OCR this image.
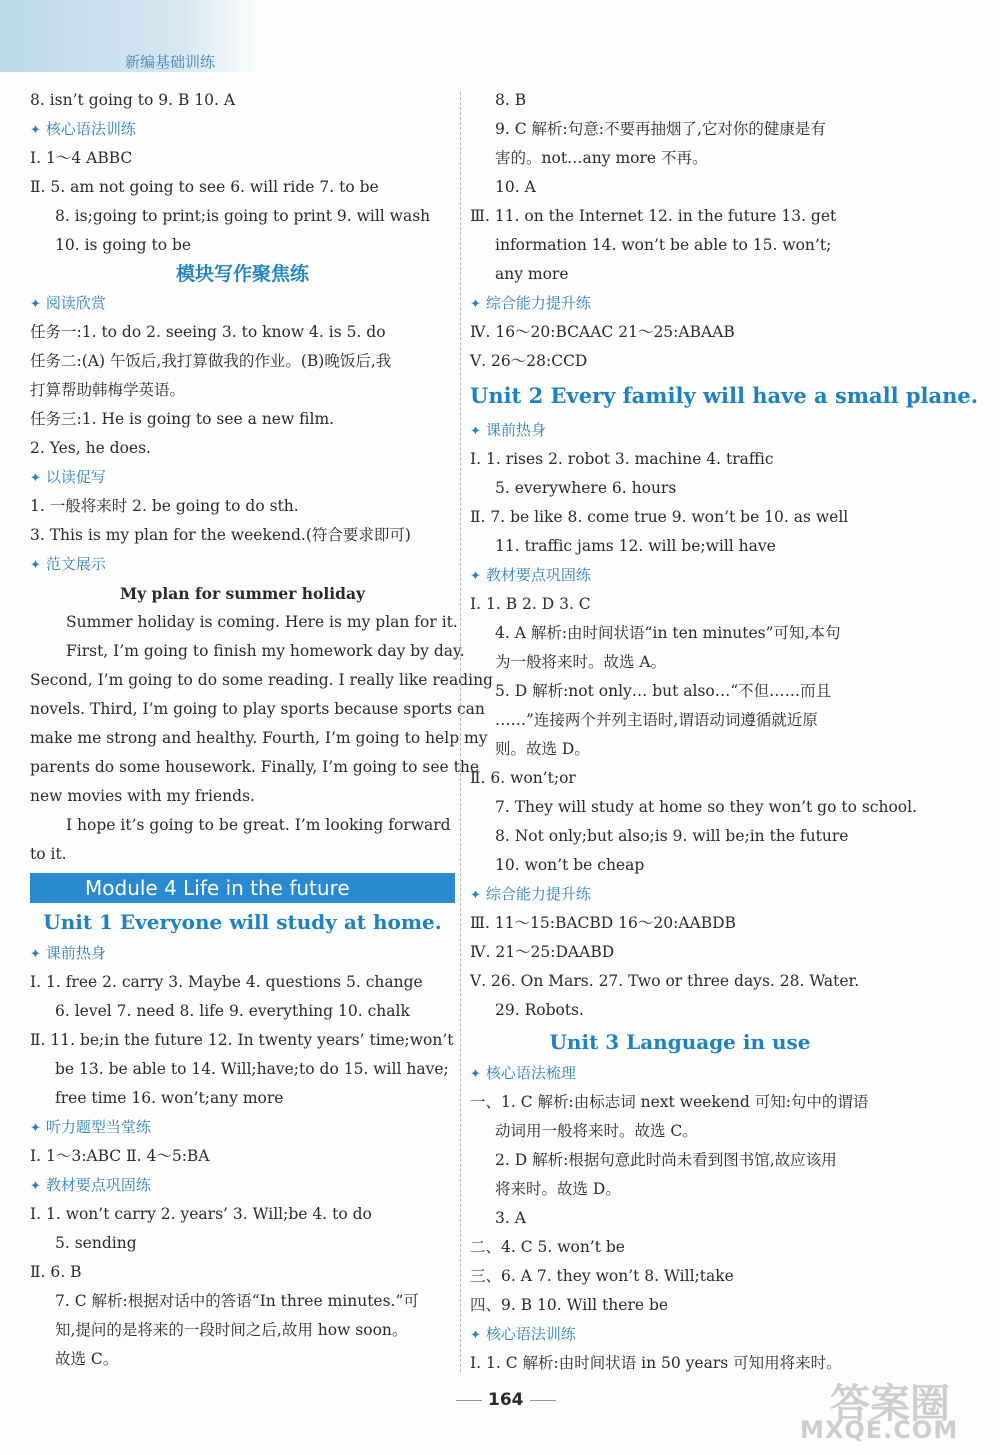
新编基础训练
8. isn’t going to 9. B 10. A
✦ 核心语法训练
Ⅰ. 1～4 ABBC
Ⅱ. 5. am not going to see 6. will ride 7. to be
8. is;going to print;is going to print 9. will wash
10. is going to be
模块写作聚焦练
✦ 阅读欣赏
任务一:1. to do 2. seeing 3. to know 4. is 5. do
任务二:(A) 午饭后,我打算做我的作业。(B)晚饭后,我
打算帮助韩梅学英语。
任务三:1. He is going to see a new film.
2. Yes, he does.
✦ 以读促写
1. 一般将来时 2. be going to do sth.
3. This is my plan for the weekend.(符合要求即可)
✦ 范文展示
My plan for summer holiday
Summer holiday is coming. Here is my plan for it.
First, I’m going to finish my homework day by day.
Second, I’m going to do some reading. I really like reading
novels. Third, I’m going to play sports because sports can
make me strong and healthy. Fourth, I’m going to help my
parents do some housework. Finally, I’m going to see the
new movies with my friends.
I hope it’s going to be great. I’m looking forward
to it.
Module 4 Life in the future
Unit 1 Everyone will study at home.
✦ 课前热身
Ⅰ. 1. free 2. carry 3. Maybe 4. questions 5. change
6. level 7. need 8. life 9. everything 10. chalk
Ⅱ. 11. be;in the future 12. In twenty years’ time;won’t
be 13. be able to 14. Will;have;to do 15. will have;
free time 16. won’t;any more
✦ 听力题型当堂练
Ⅰ. 1～3:ABC Ⅱ. 4～5:BA
✦ 教材要点巩固练
Ⅰ. 1. won’t carry 2. years’ 3. Will;be 4. to do
5. sending
Ⅱ. 6. B
7. C 解析:根据对话中的答语“In three minutes.”可
知,提问的是将来的一段时间之后,故用 how soon。
故选 C。
8. B
9. C 解析:句意:不要再抽烟了,它对你的健康是有
害的。not…any more 不再。
10. A
Ⅲ. 11. on the Internet 12. in the future 13. get
information 14. won’t be able to 15. won’t;
any more
✦ 综合能力提升练
Ⅳ. 16～20:BCAAC 21～25:ABAAB
Ⅴ. 26～28:CCD
Unit 2 Every family will have a small plane.
✦ 课前热身
Ⅰ. 1. rises 2. robot 3. machine 4. traffic
5. everywhere 6. hours
Ⅱ. 7. be like 8. come true 9. won’t be 10. as well
11. traffic jams 12. will be;will have
✦ 教材要点巩固练
Ⅰ. 1. B 2. D 3. C
4. A 解析:由时间状语“in ten minutes”可知,本句
为一般将来时。故选 A。
5. D 解析:not only… but also…“不但……而且
……”连接两个并列主语时,谓语动词遵循就近原
则。故选 D。
Ⅱ. 6. won’t;or
7. They will study at home so they won’t go to school.
8. Not only;but also;is 9. will be;in the future
10. won’t be cheap
✦ 综合能力提升练
Ⅲ. 11～15:BACBD 16～20:AABDB
Ⅳ. 21～25:DAABD
Ⅴ. 26. On Mars. 27. Two or three days. 28. Water.
29. Robots.
Unit 3 Language in use
✦ 核心语法梳理
一、1. C 解析:由标志词 next weekend 可知:句中的谓语
动词用一般将来时。故选 C。
2. D 解析:根据句意此时尚未看到图书馆,故应该用
将来时。故选 D。
3. A
二、4. C 5. won’t be
三、6. A 7. they won’t 8. Will;take
四、9. B 10. Will there be
✦ 核心语法训练
Ⅰ. 1. C 解析:由时间状语 in 50 years 可知用将来时。
164	答案圈
MXQE.COM
